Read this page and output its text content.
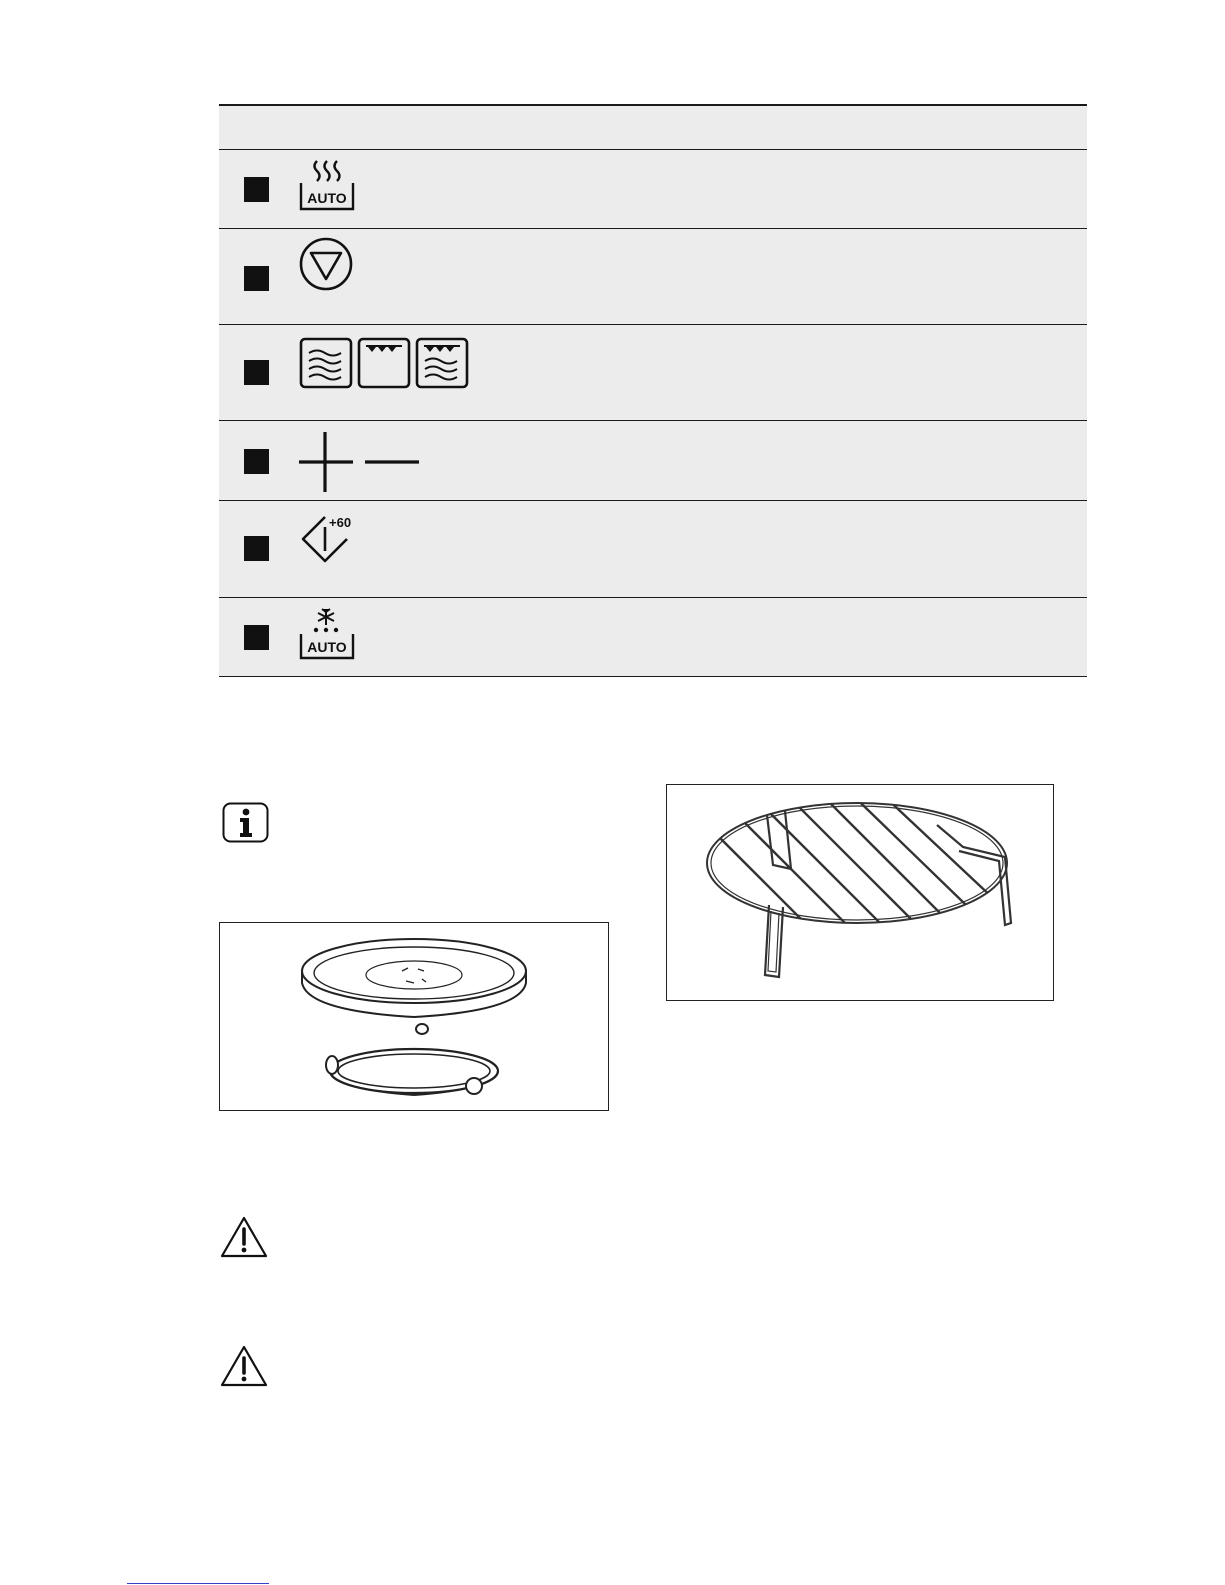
AUTO
+60
AUTO
